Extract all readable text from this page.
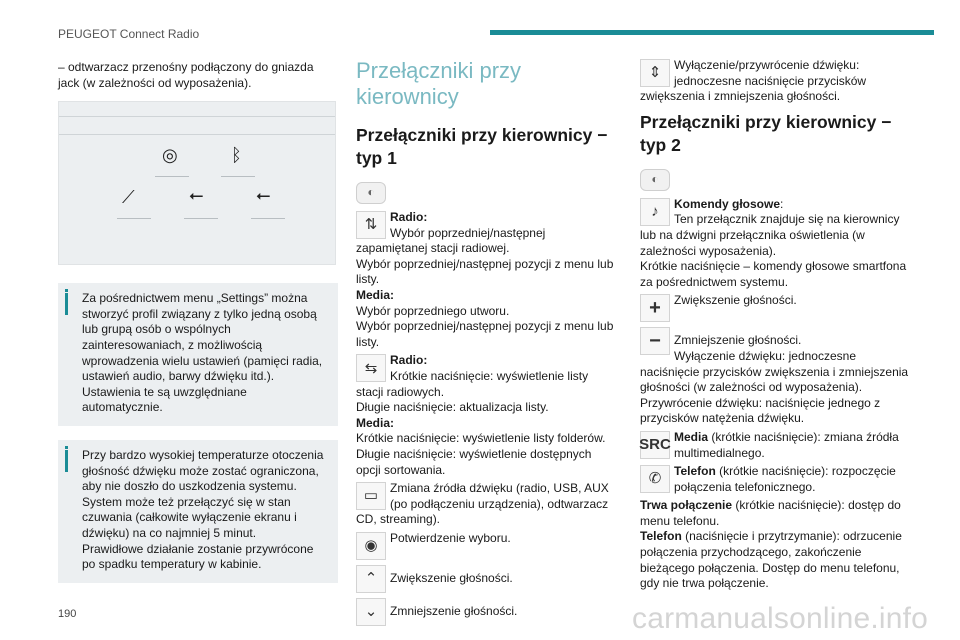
PEUGEOT Connect Radio
– odtwarzacz przenośny podłączony do gniazda jack (w zależności od wyposażenia).
◎	ᛒ
⟋	⭠	⭠
Za pośrednictwem menu „Settings” można stworzyć profil związany z tylko jedną osobą lub grupą osób o wspólnych zainteresowaniach, z możliwością wprowadzenia wielu ustawień (pamięci radia, ustawień audio, barwy dźwięku itd.). Ustawienia te są uwzględniane automatycznie.
Przy bardzo wysokiej temperaturze otoczenia głośność dźwięku może zostać ograniczona, aby nie doszło do uszkodzenia systemu. System może też przełączyć się w stan czuwania (całkowite wyłączenie ekranu i dźwięku) na co najmniej 5 minut.
Prawidłowe działanie zostanie przywrócone po spadku temperatury w kabinie.
Przełączniki przy kierownicy
Przełączniki przy kierownicy − typ 1
◐
⇅	Radio:
Wybór poprzedniej/następnej zapamiętanej stacji radiowej.
Wybór poprzedniej/następnej pozycji z menu lub listy.
Media:
Wybór poprzedniego utworu.
Wybór poprzedniej/następnej pozycji z menu lub listy.
⇆	Radio:
Krótkie naciśnięcie: wyświetlenie listy stacji radiowych.
Długie naciśnięcie: aktualizacja listy.
Media:
Krótkie naciśnięcie: wyświetlenie listy folderów.
Długie naciśnięcie: wyświetlenie dostępnych opcji sortowania.
▭ Zmiana źródła dźwięku (radio, USB, AUX (po podłączeniu urządzenia), odtwarzacz CD, streaming).
◉	Potwierdzenie wyboru.
⌃	Zwiększenie głośności.
⌄	Zmniejszenie głośności.
⇕	Wyłączenie/przywrócenie dźwięku: jednoczesne naciśnięcie przycisków zwiększenia i zmniejszenia głośności.
Przełączniki przy kierownicy − typ 2
◐
♪	Komendy głosowe:
Ten przełącznik znajduje się na kierownicy lub na dźwigni przełącznika oświetlenia (w zależności wyposażenia).
Krótkie naciśnięcie – komendy głosowe smartfona za pośrednictwem systemu.
+	Zwiększenie głośności.
−	Zmniejszenie głośności.
Wyłączenie dźwięku: jednoczesne naciśnięcie przycisków zwiększenia i zmniejszenia głośności (w zależności od wyposażenia).
Przywrócenie dźwięku: naciśnięcie jednego z przycisków natężenia dźwięku.
SRC Media (krótkie naciśnięcie): zmiana źródła multimedialnego.
✆	Telefon (krótkie naciśnięcie): rozpoczęcie połączenia telefonicznego.
Trwa połączenie (krótkie naciśnięcie): dostęp do menu telefonu.
Telefon (naciśnięcie i przytrzymanie): odrzucenie połączenia przychodzącego, zakończenie bieżącego połączenia. Dostęp do menu telefonu, gdy nie trwa połączenie.
190	carmanualsonline.info
